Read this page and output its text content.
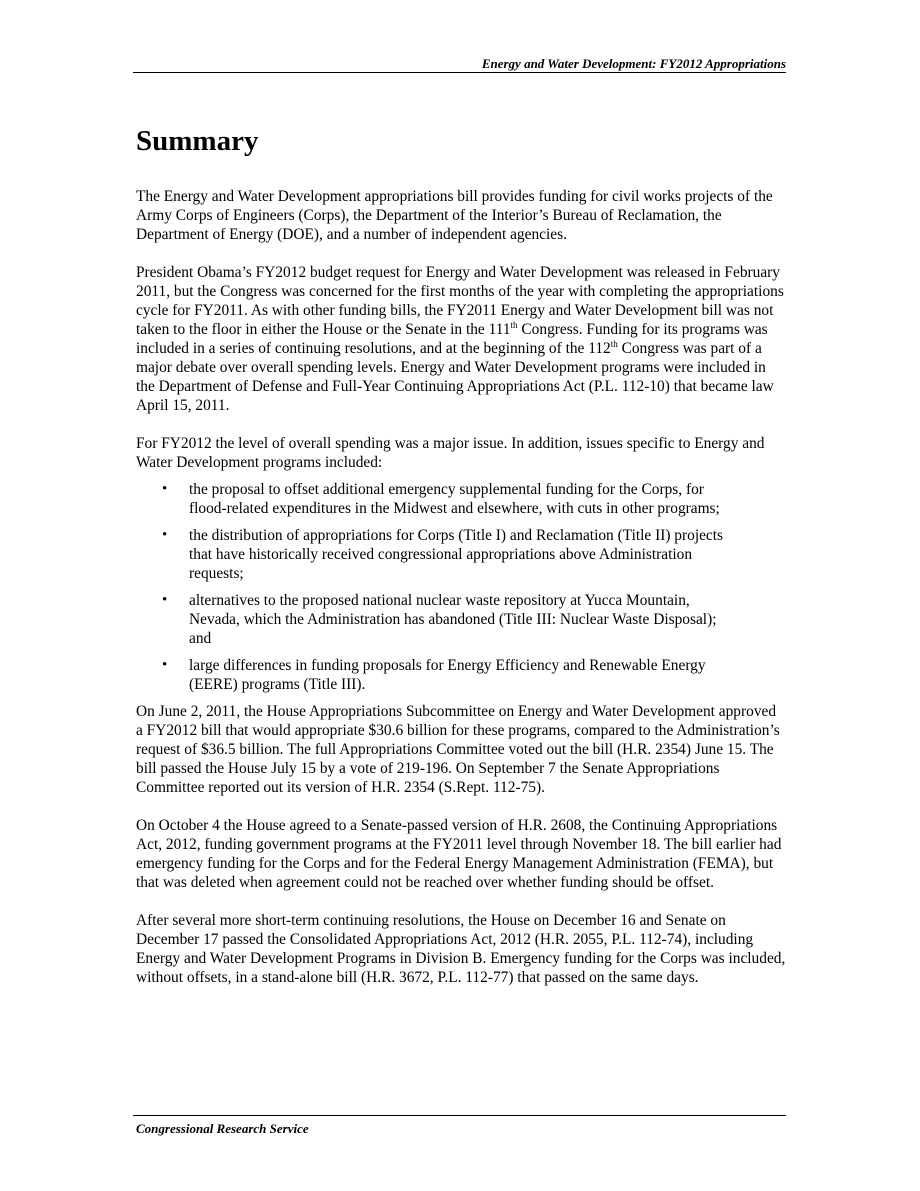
Energy and Water Development: FY2012 Appropriations
Summary

The Energy and Water Development appropriations bill provides funding for civil works projects of the Army Corps of Engineers (Corps), the Department of the Interior’s Bureau of Reclamation, the Department of Energy (DOE), and a number of independent agencies.

President Obama’s FY2012 budget request for Energy and Water Development was released in February 2011, but the Congress was concerned for the first months of the year with completing the appropriations cycle for FY2011. As with other funding bills, the FY2011 Energy and Water Development bill was not taken to the floor in either the House or the Senate in the 111th Congress. Funding for its programs was included in a series of continuing resolutions, and at the beginning of the 112th Congress was part of a major debate over overall spending levels. Energy and Water Development programs were included in the Department of Defense and Full-Year Continuing Appropriations Act (P.L. 112-10) that became law April 15, 2011.

For FY2012 the level of overall spending was a major issue. In addition, issues specific to Energy and Water Development programs included:

• the proposal to offset additional emergency supplemental funding for the Corps, for flood-related expenditures in the Midwest and elsewhere, with cuts in other programs;
• the distribution of appropriations for Corps (Title I) and Reclamation (Title II) projects that have historically received congressional appropriations above Administration requests;
• alternatives to the proposed national nuclear waste repository at Yucca Mountain, Nevada, which the Administration has abandoned (Title III: Nuclear Waste Disposal); and
• large differences in funding proposals for Energy Efficiency and Renewable Energy (EERE) programs (Title III).

On June 2, 2011, the House Appropriations Subcommittee on Energy and Water Development approved a FY2012 bill that would appropriate $30.6 billion for these programs, compared to the Administration’s request of $36.5 billion. The full Appropriations Committee voted out the bill (H.R. 2354) June 15. The bill passed the House July 15 by a vote of 219-196. On September 7 the Senate Appropriations Committee reported out its version of H.R. 2354 (S.Rept. 112-75).

On October 4 the House agreed to a Senate-passed version of H.R. 2608, the Continuing Appropriations Act, 2012, funding government programs at the FY2011 level through November 18. The bill earlier had emergency funding for the Corps and for the Federal Energy Management Administration (FEMA), but that was deleted when agreement could not be reached over whether funding should be offset.

After several more short-term continuing resolutions, the House on December 16 and Senate on December 17 passed the Consolidated Appropriations Act, 2012 (H.R. 2055, P.L. 112-74), including Energy and Water Development Programs in Division B. Emergency funding for the Corps was included, without offsets, in a stand-alone bill (H.R. 3672, P.L. 112-77) that passed on the same days.

Congressional Research Service
